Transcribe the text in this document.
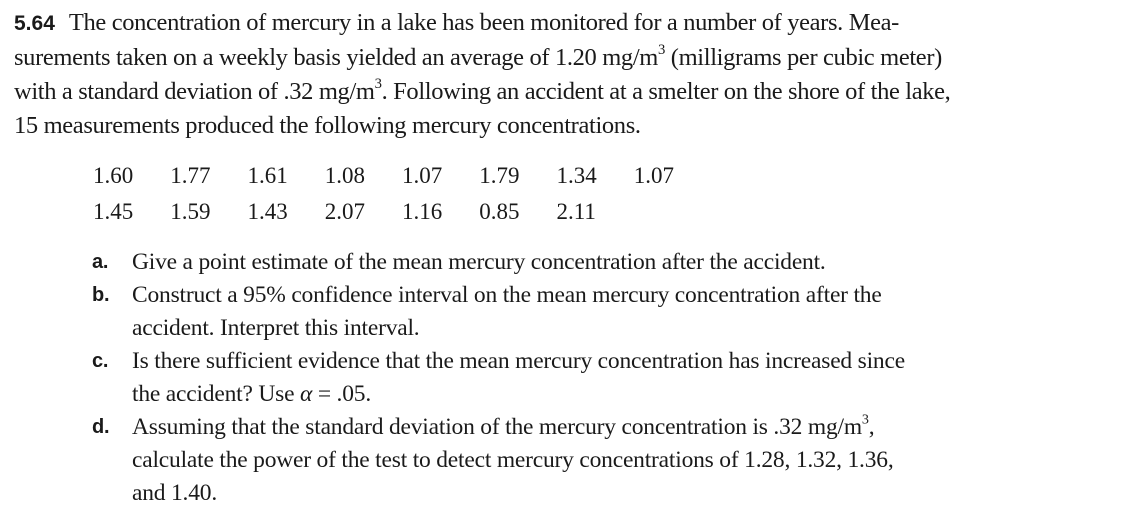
5.64 The concentration of mercury in a lake has been monitored for a number of years. Mea-

surements taken on a weekly basis yielded an average of 1.20 $mg/m^3$ (milligrams per cubic meter)

with a standard deviation of .32 $mg/m^3$. Following an accident at a smelter on the shore of the lake,

15 measurements produced the following mercury concentrations.

1.60	1.77	1.61	1.08	1.07	1.79	1.34	1.07
1.45	1.59	1.43	2.07	1.16	0.85	2.11	
a.	Give a point estimate of the mean mercury concentration after the accident.
b. Construct a 95% confidence interval on the mean mercury concentration after the
accident. Interpret this interval.
c.	Is there sufficient evidence that the mean mercury concentration has increased since
the accident? Use α = .05.
d. Assuming that the standard deviation of the mercury concentration is .32 $mg/m^3$,
calculate the power of the test to detect mercury concentrations of 1.28, 1.32, 1.36,
and 1.40.
